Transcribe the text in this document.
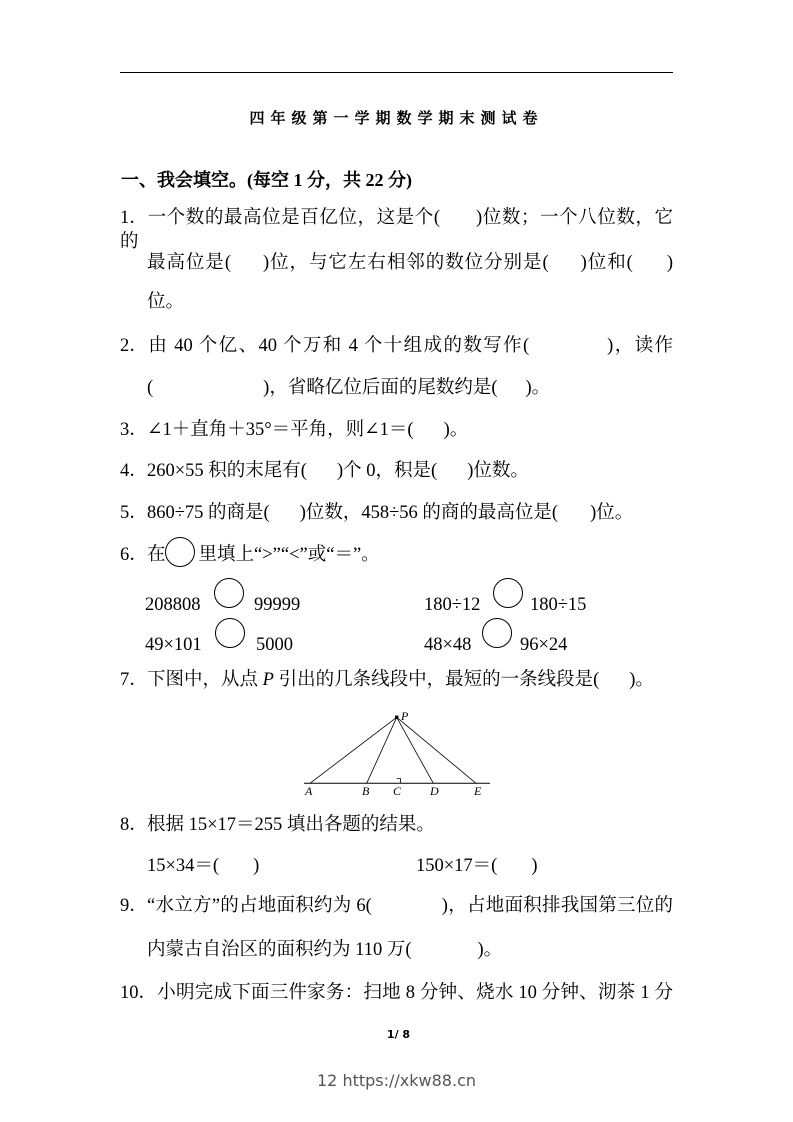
四年级第一学期数学期末测试卷
一、我会填空。(每空 1 分，共 22 分)
1．一个数的最高位是百亿位，这是个( )位数；一个八位数，它的
最高位是( )位，与它左右相邻的数位分别是( )位和( )
位。
2．由 40 个亿、40 个万和 4 个十组成的数写作(	)，读作
(	)，省略亿位后面的尾数约是( )。
3．∠1＋直角＋35°＝平角，则∠1＝( )。
4．260×55 积的末尾有( )个 0，积是( )位数。
5．860÷75 的商是( )位数，458÷56 的商的最高位是( )位。
6．在 里填上“>”“<”或“＝”。
208808	99999	180÷12	180÷15
49×101	5000	48×48	96×24
7．下图中，从点 P 引出的几条线段中，最短的一条线段是( )。
P
A	B C D	E
8．根据 15×17＝255 填出各题的结果。
15×34＝( )	150×17＝( )
9．“水立方”的占地面积约为 6(	)，占地面积排我国第三位的
内蒙古自治区的面积约为 110 万(	)。
10．小明完成下面三件家务：扫地 8 分钟、烧水 10 分钟、沏茶 1 分
1/ 8
12 https://xkw88.cn
